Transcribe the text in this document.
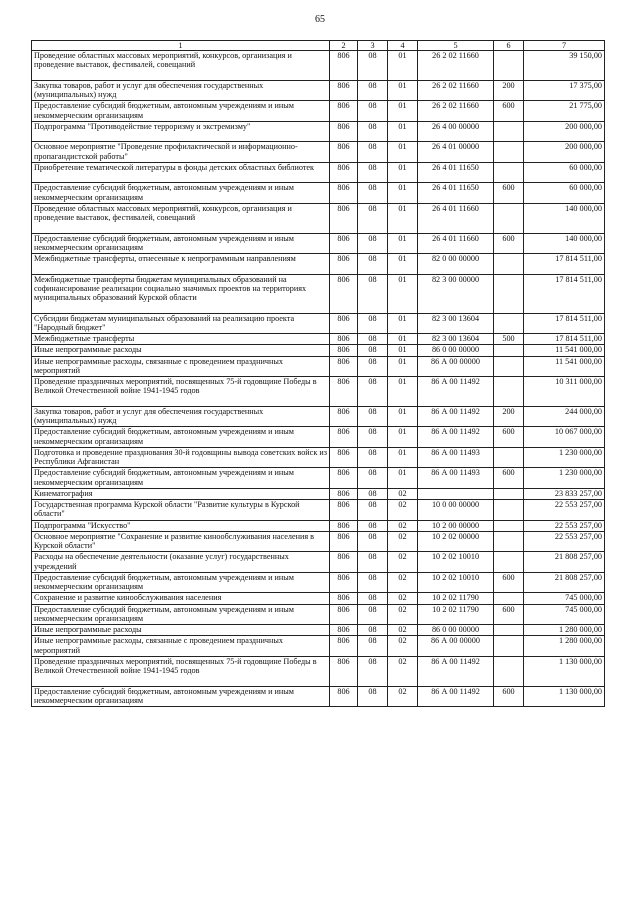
65
1	2	3	4	5	6	7
Проведение областных массовых мероприятий, конкурсов, организация и проведение выставок, фестивалей, совещаний	806	08	01	26 2 02 11660		39 150,00
Закупка товаров, работ и услуг для обеспечения государственных (муниципальных) нужд	806	08	01	26 2 02 11660	200	17 375,00
Предоставление субсидий бюджетным, автономным учреждениям и иным некоммерческим организациям	806	08	01	26 2 02 11660	600	21 775,00
Подпрограмма "Противодействие терроризму и экстремизму"	806	08	01	26 4 00 00000		200 000,00
Основное мероприятие "Проведение профилактической и информационно-пропагандистской работы"	806	08	01	26 4 01 00000		200 000,00
Приобретение тематической литературы в фонды детских областных библиотек	806	08	01	26 4 01 11650		60 000,00
Предоставление субсидий бюджетным, автономным учреждениям и иным некоммерческим организациям	806	08	01	26 4 01 11650	600	60 000,00
Проведение областных массовых мероприятий, конкурсов, организация и проведение выставок, фестивалей, совещаний	806	08	01	26 4 01 11660		140 000,00
Предоставление субсидий бюджетным, автономным учреждениям и иным некоммерческим организациям	806	08	01	26 4 01 11660	600	140 000,00
Межбюджетные трансферты, отнесенные к непрограммным направлениям	806	08	01	82 0 00 00000		17 814 511,00
Межбюджетные трансферты бюджетам муниципальных образований на софинансирование реализации социально значимых проектов на территориях муниципальных образований Курской области	806	08	01	82 3 00 00000		17 814 511,00
Субсидии бюджетам муниципальных образований на реализацию проекта "Народный бюджет"	806	08	01	82 3 00 13604		17 814 511,00
Межбюджетные трансферты	806	08	01	82 3 00 13604	500	17 814 511,00
Иные непрограммные расходы	806	08	01	86 0 00 00000		11 541 000,00
Иные непрограммные расходы, связанные с проведением праздничных мероприятий	806	08	01	86 А 00 00000		11 541 000,00
Проведение праздничных мероприятий, посвященных 75-й годовщине Победы в Великой Отечественной войне 1941-1945 годов	806	08	01	86 А 00 11492		10 311 000,00
Закупка товаров, работ и услуг для обеспечения государственных (муниципальных) нужд	806	08	01	86 А 00 11492	200	244 000,00
Предоставление субсидий бюджетным, автономным учреждениям и иным некоммерческим организациям	806	08	01	86 А 00 11492	600	10 067 000,00
Подготовка и проведение празднования 30-й годовщины вывода советских войск из Республики Афганистан	806	08	01	86 А 00 11493		1 230 000,00
Предоставление субсидий бюджетным, автономным учреждениям и иным некоммерческим организациям	806	08	01	86 А 00 11493	600	1 230 000,00
Кинематография	806	08	02			23 833 257,00
Государственная программа Курской области "Развитие культуры в Курской области"	806	08	02	10 0 00 00000		22 553 257,00
Подпрограмма "Искусство"	806	08	02	10 2 00 00000		22 553 257,00
Основное мероприятие "Сохранение и развитие кинообслуживания населения в Курской области"	806	08	02	10 2 02 00000		22 553 257,00
Расходы на обеспечение деятельности (оказание услуг) государственных учреждений	806	08	02	10 2 02 10010		21 808 257,00
Предоставление субсидий бюджетным, автономным учреждениям и иным некоммерческим организациям	806	08	02	10 2 02 10010	600	21 808 257,00
Сохранение и развитие кинообслуживания населения	806	08	02	10 2 02 11790		745 000,00
Предоставление субсидий бюджетным, автономным учреждениям и иным некоммерческим организациям	806	08	02	10 2 02 11790	600	745 000,00
Иные непрограммные расходы	806	08	02	86 0 00 00000		1 280 000,00
Иные непрограммные расходы, связанные с проведением праздничных мероприятий	806	08	02	86 А 00 00000		1 280 000,00
Проведение праздничных мероприятий, посвященных 75-й годовщине Победы в Великой Отечественной войне 1941-1945 годов	806	08	02	86 А 00 11492		1 130 000,00
Предоставление субсидий бюджетным, автономным учреждениям и иным некоммерческим организациям	806	08	02	86 А 00 11492	600	1 130 000,00
